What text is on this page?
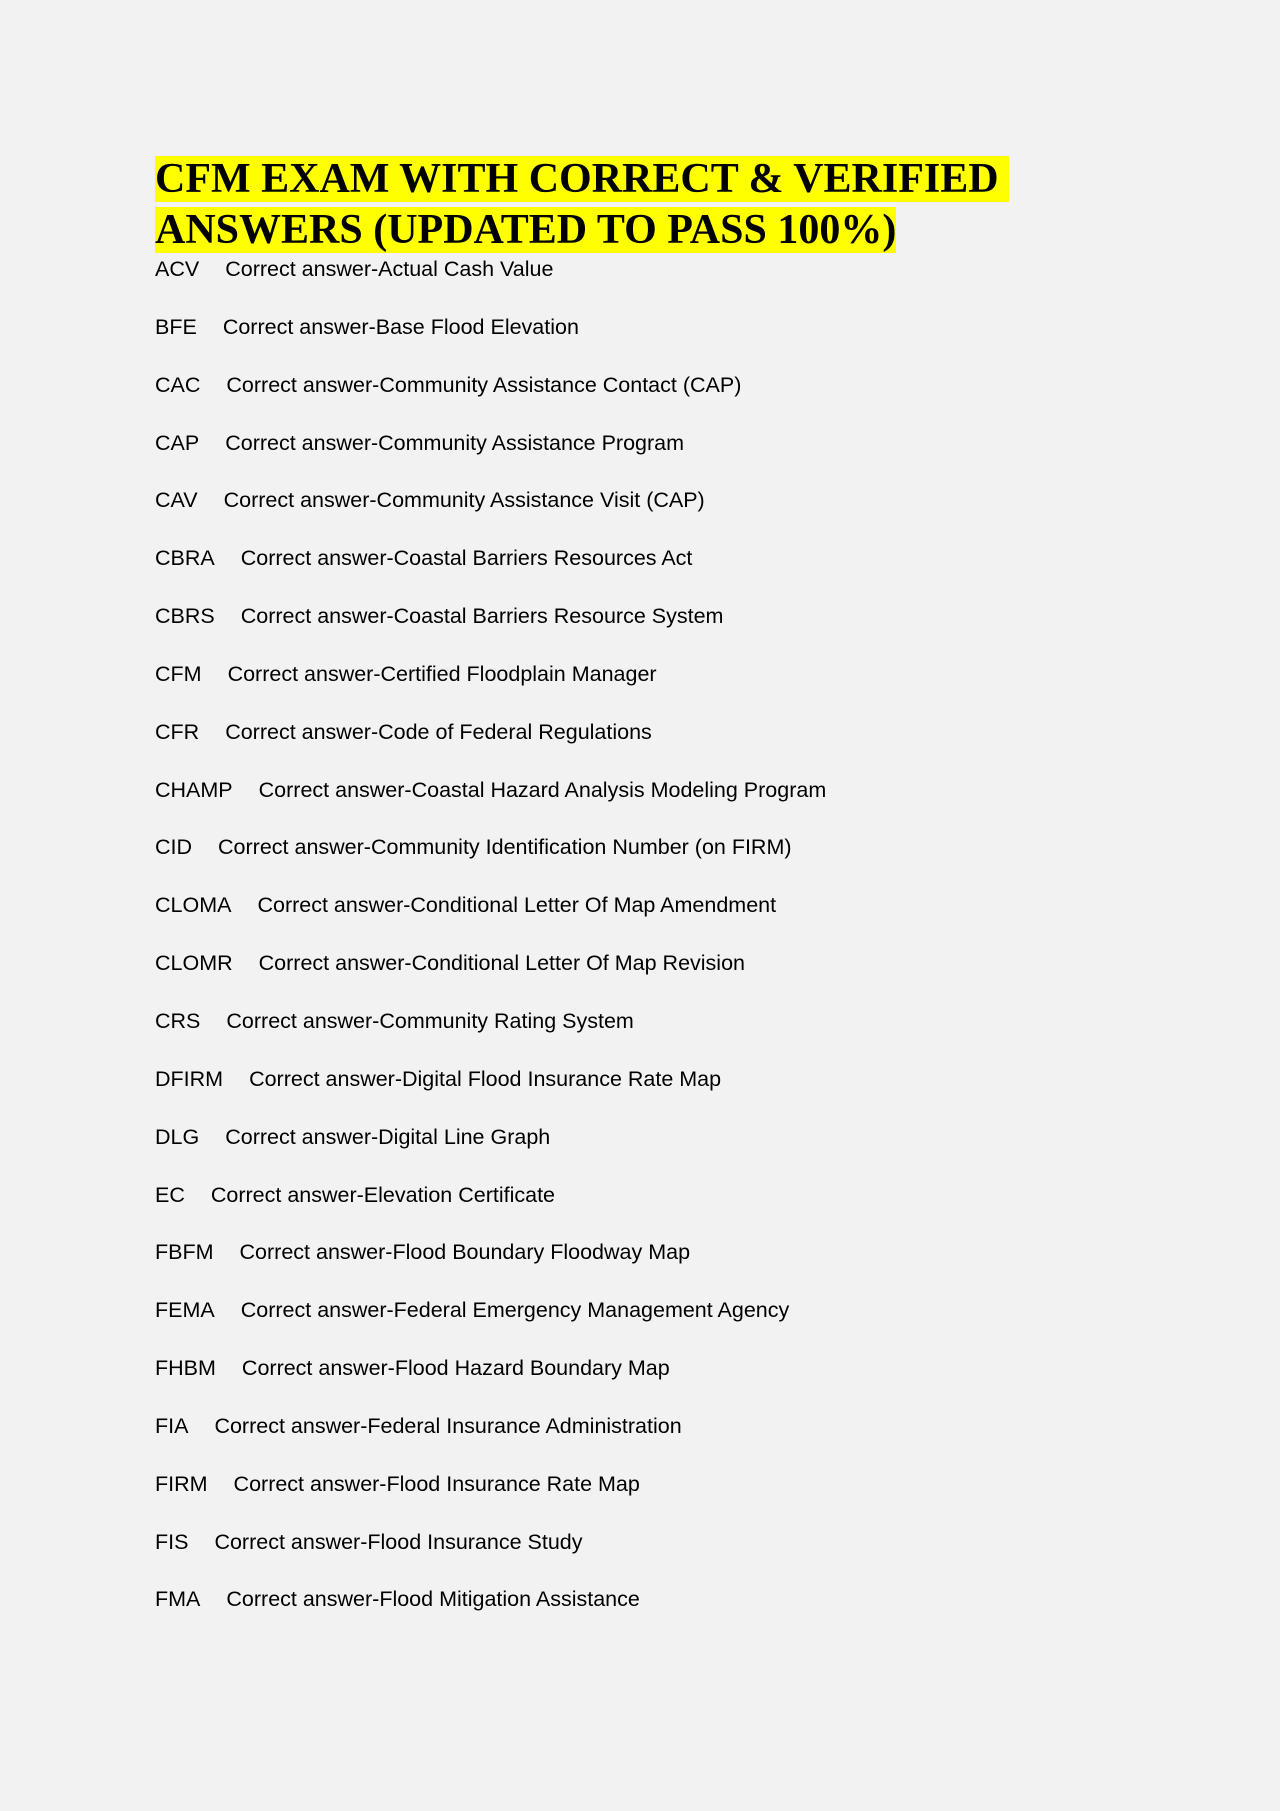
CFM EXAM WITH CORRECT & VERIFIED
ANSWERS (UPDATED TO PASS 100%)
ACV Correct answer-Actual Cash Value
BFE Correct answer-Base Flood Elevation
CAC Correct answer-Community Assistance Contact (CAP)
CAP Correct answer-Community Assistance Program
CAV Correct answer-Community Assistance Visit (CAP)
CBRA Correct answer-Coastal Barriers Resources Act
CBRS Correct answer-Coastal Barriers Resource System
CFM Correct answer-Certified Floodplain Manager
CFR Correct answer-Code of Federal Regulations
CHAMP Correct answer-Coastal Hazard Analysis Modeling Program
CID Correct answer-Community Identification Number (on FIRM)
CLOMA Correct answer-Conditional Letter Of Map Amendment
CLOMR Correct answer-Conditional Letter Of Map Revision
CRS Correct answer-Community Rating System
DFIRM Correct answer-Digital Flood Insurance Rate Map
DLG Correct answer-Digital Line Graph
EC Correct answer-Elevation Certificate
FBFM Correct answer-Flood Boundary Floodway Map
FEMA Correct answer-Federal Emergency Management Agency
FHBM Correct answer-Flood Hazard Boundary Map
FIA Correct answer-Federal Insurance Administration
FIRM Correct answer-Flood Insurance Rate Map
FIS Correct answer-Flood Insurance Study
FMA Correct answer-Flood Mitigation Assistance
